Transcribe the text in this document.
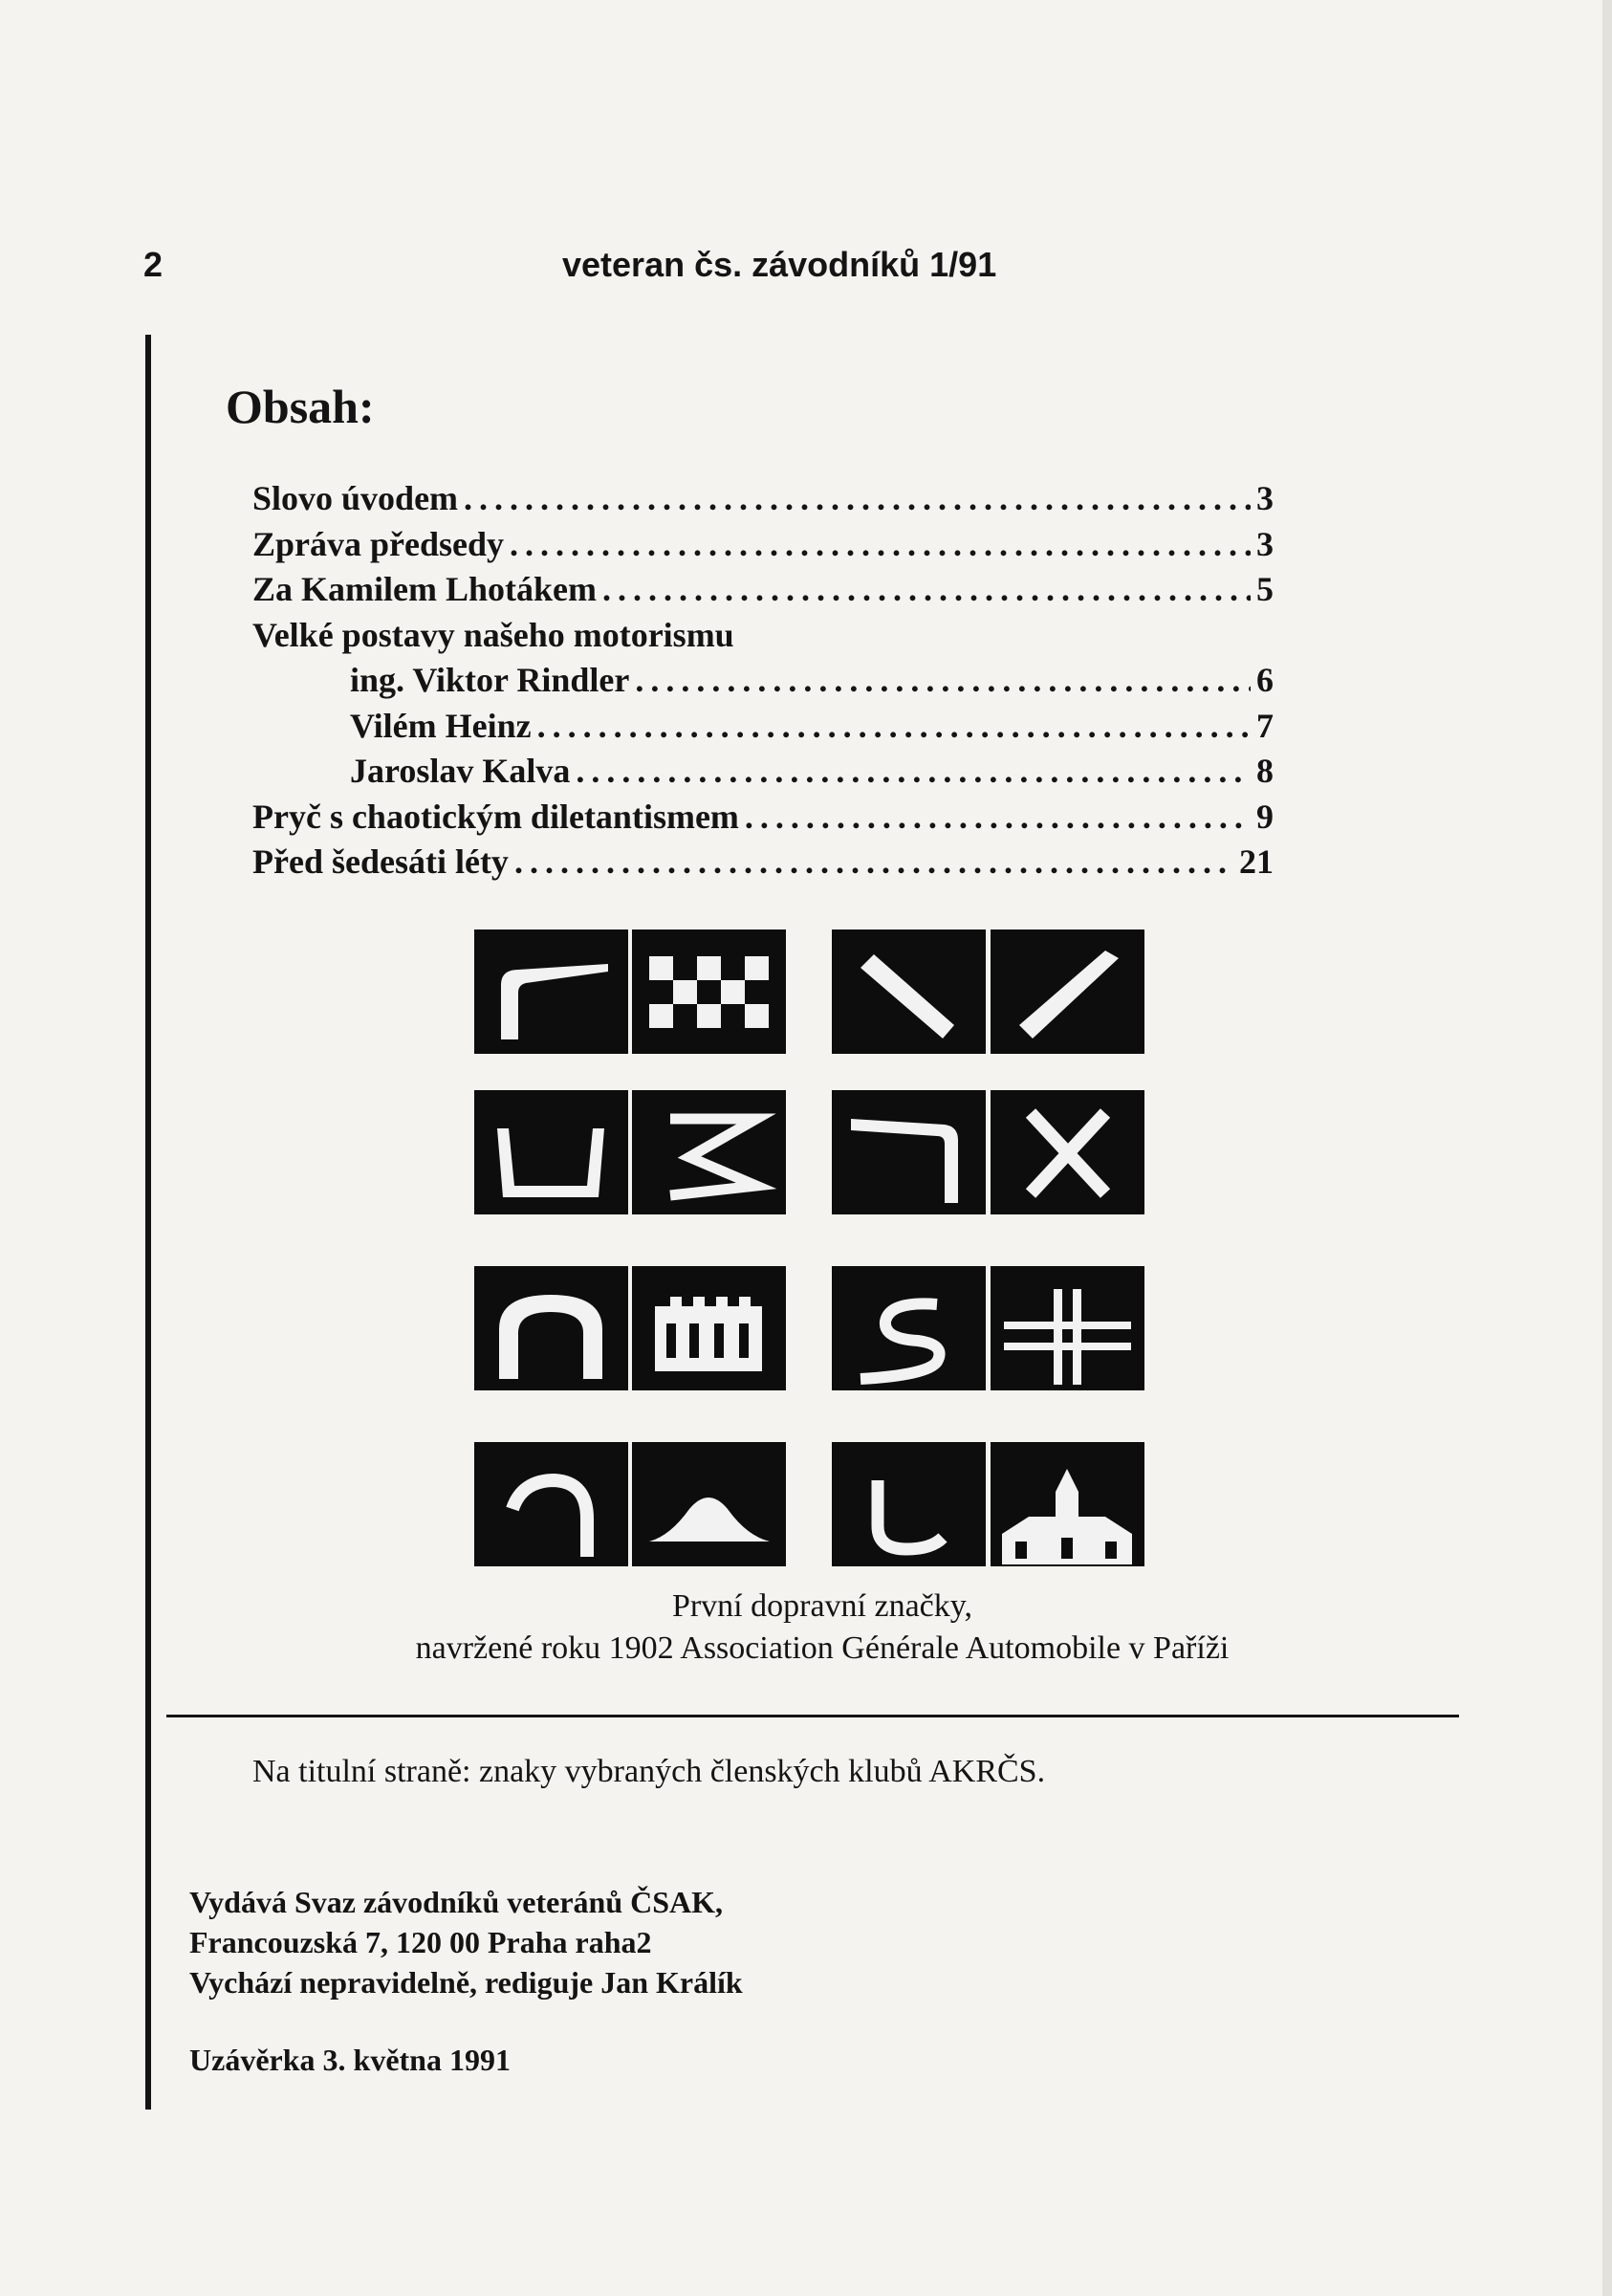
2	veteran čs. závodníků 1/91
Obsah:
Slovo úvodem . . .	3
Zpráva předsedy . . .	3
Za Kamilem Lhotákem . . .	5
Velké postavy našeho motorismu
ing. Viktor Rindler . . .	6
Vilém Heinz . . .	7
Jaroslav Kalva . . .	8
Pryč s chaotickým diletantismem . . .	9
Před šedesáti léty . . .	21
První dopravní značky,
navržené roku 1902 Association Générale Automobile v Paříži
Na titulní straně: znaky vybraných členských klubů AKRČS.
Vydává Svaz závodníků veteránů ČSAK,
Francouzská 7, 120 00 Praha raha2
Vychází nepravidelně, rediguje Jan Králík
Uzávěrka 3. května 1991
